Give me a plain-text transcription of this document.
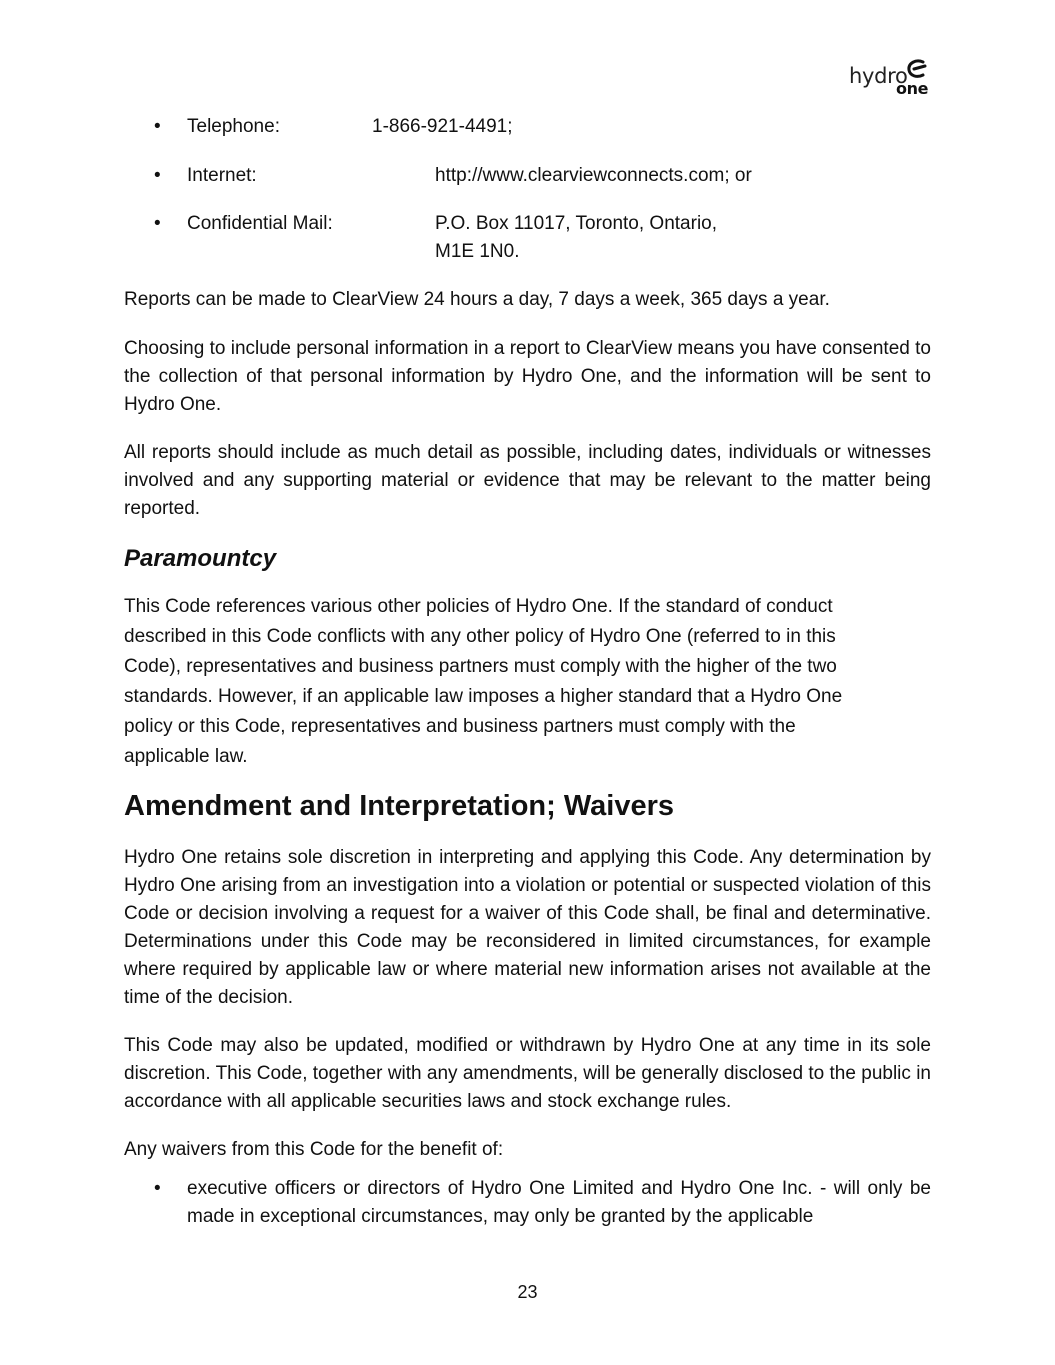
hydro
one
• Telephone:	1-866-921-4491;
• Internet:	http://www.clearviewconnects.com; or
• Confidential Mail:	P.O. Box 11017, Toronto, Ontario,
M1E 1N0.

Reports can be made to ClearView 24 hours a day, 7 days a week, 365 days a year.

Choosing to include personal information in a report to ClearView means you have consented to the collection of that personal information by Hydro One, and the information will be sent to Hydro One.

All reports should include as much detail as possible, including dates, individuals or witnesses involved and any supporting material or evidence that may be relevant to the matter being reported.

Paramountcy
This Code references various other policies of Hydro One. If the standard of conduct
described in this Code conflicts with any other policy of Hydro One (referred to in this
Code), representatives and business partners must comply with the higher of the two
standards. However, if an applicable law imposes a higher standard that a Hydro One
policy or this Code, representatives and business partners must comply with the
applicable law.
Amendment and Interpretation; Waivers

Hydro One retains sole discretion in interpreting and applying this Code. Any determination by Hydro One arising from an investigation into a violation or potential or suspected violation of this Code or decision involving a request for a waiver of this Code shall, be final and determinative. Determinations under this Code may be reconsidered in limited circumstances, for example where required by applicable law or where material new information arises not available at the time of the decision.

This Code may also be updated, modified or withdrawn by Hydro One at any time in its sole discretion. This Code, together with any amendments, will be generally disclosed to the public in accordance with all applicable securities laws and stock exchange rules.

Any waivers from this Code for the benefit of:

• executive officers or directors of Hydro One Limited and Hydro One Inc. - will only be made in exceptional circumstances, may only be granted by the applicable
23
